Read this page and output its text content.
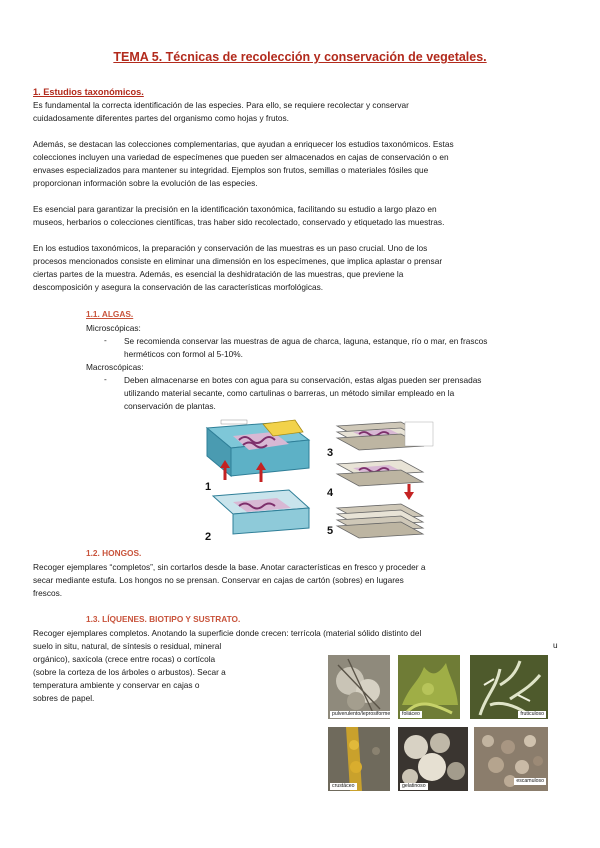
TEMA 5. Técnicas de recolección y conservación de vegetales.
1. Estudios taxonómicos.

Es fundamental la correcta identificación de las especies. Para ello, se requiere recolectar y conservar

cuidadosamente diferentes partes del organismo como hojas y frutos.

Además, se destacan las colecciones complementarias, que ayudan a enriquecer los estudios taxonómicos. Estas

colecciones incluyen una variedad de especímenes que pueden ser almacenados en cajas de conservación o en

envases especializados para mantener su integridad. Ejemplos son frutos, semillas o materiales fósiles que

proporcionan información sobre la evolución de las especies.

Es esencial para garantizar la precisión en la identificación taxonómica, facilitando su estudio a largo plazo en

museos, herbarios o colecciones científicas, tras haber sido recolectado, conservado y etiquetado las muestras.

En los estudios taxonómicos, la preparación y conservación de las muestras es un paso crucial. Uno de los

procesos mencionados consiste en eliminar una dimensión en los especímenes, que implica aplastar o prensar

ciertas partes de la muestra. Además, es esencial la deshidratación de las muestras, que previene la

descomposición y asegura la conservación de las características morfológicas.

1.1. ALGAS.
Microscópicas:
- Se recomienda conservar las muestras de agua de charca, laguna, estanque, río o mar, en frascos

herméticos con formol al 5-10%.

Macroscópicas:
- Deben almacenarse en botes con agua para su conservación, estas algas pueden ser prensadas

utilizando material secante, como cartulinas o barreras, un método similar empleado en la

conservación de plantas.

1
2
3
4
5
1.2. HONGOS.

Recoger ejemplares “completos”, sin cortarlos desde la base. Anotar características en fresco y proceder a

secar mediante estufa. Los hongos no se prensan. Conservar en cajas de cartón (sobres) en lugares

frescos.

1.3. LÍQUENES. BIOTIPO Y SUSTRATO.

Recoger ejemplares completos. Anotando la superficie donde crecen: terrícola (material sólido distinto del

suelo in situ, natural, de síntesis o residual, mineral	u

orgánico), saxícola (crece entre rocas) o cortícola

(sobre la corteza de los árboles o arbustos). Secar a

temperatura ambiente y conservar en cajas o

sobres de papel.

pulverulento/leprosiforme	foliáceo	fruticuloso
crustáceo	gelatinoso
escamuloso
